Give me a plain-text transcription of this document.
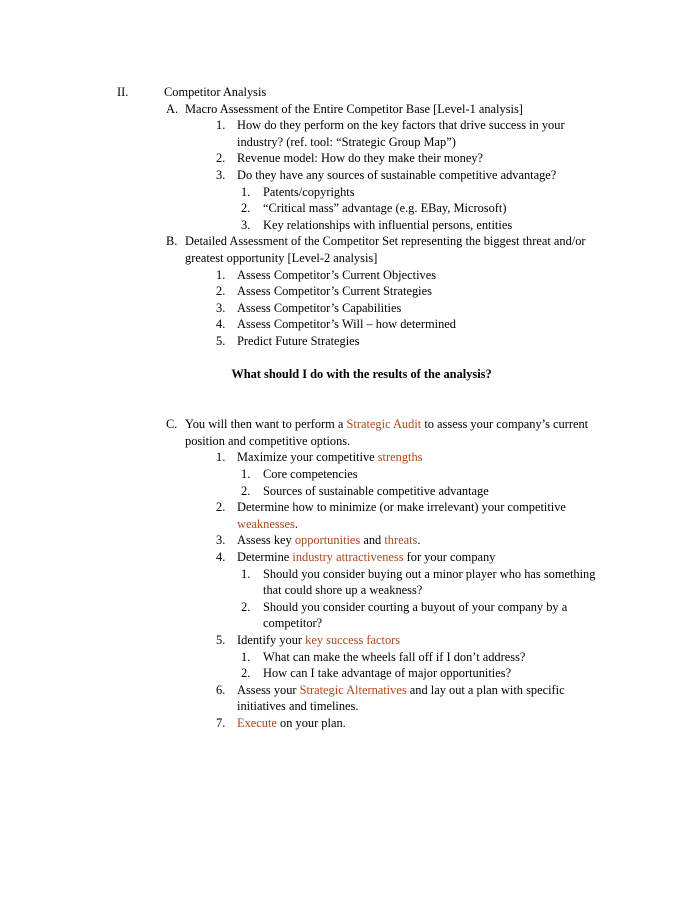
II.	Competitor Analysis
A. Macro Assessment of the Entire Competitor Base [Level-1 analysis]
1. How do they perform on the key factors that drive success in your industry? (ref. tool: “Strategic Group Map”)
2. Revenue model: How do they make their money?
3. Do they have any sources of sustainable competitive advantage?
1.	Patents/copyrights
2.	“Critical mass” advantage (e.g. EBay, Microsoft)
3.	Key relationships with influential persons, entities
B. Detailed Assessment of the Competitor Set representing the biggest threat and/or greatest opportunity [Level-2 analysis]
1. Assess Competitor’s Current Objectives
2. Assess Competitor’s Current Strategies
3. Assess Competitor’s Capabilities
4. Assess Competitor’s Will – how determined
5. Predict Future Strategies
What should I do with the results of the analysis?
C. You will then want to perform a Strategic Audit to assess your company’s current position and competitive options.
1. Maximize your competitive strengths
1.	Core competencies
2.	Sources of sustainable competitive advantage
2. Determine how to minimize (or make irrelevant) your competitive weaknesses.
3. Assess key opportunities and threats.
4. Determine industry attractiveness for your company
1.	Should you consider buying out a minor player who has something that could shore up a weakness?
2.	Should you consider courting a buyout of your company by a competitor?
5. Identify your key success factors
1.	What can make the wheels fall off if I don’t address?
2.	How can I take advantage of major opportunities?
6. Assess your Strategic Alternatives and lay out a plan with specific initiatives and timelines.
7. Execute on your plan.
